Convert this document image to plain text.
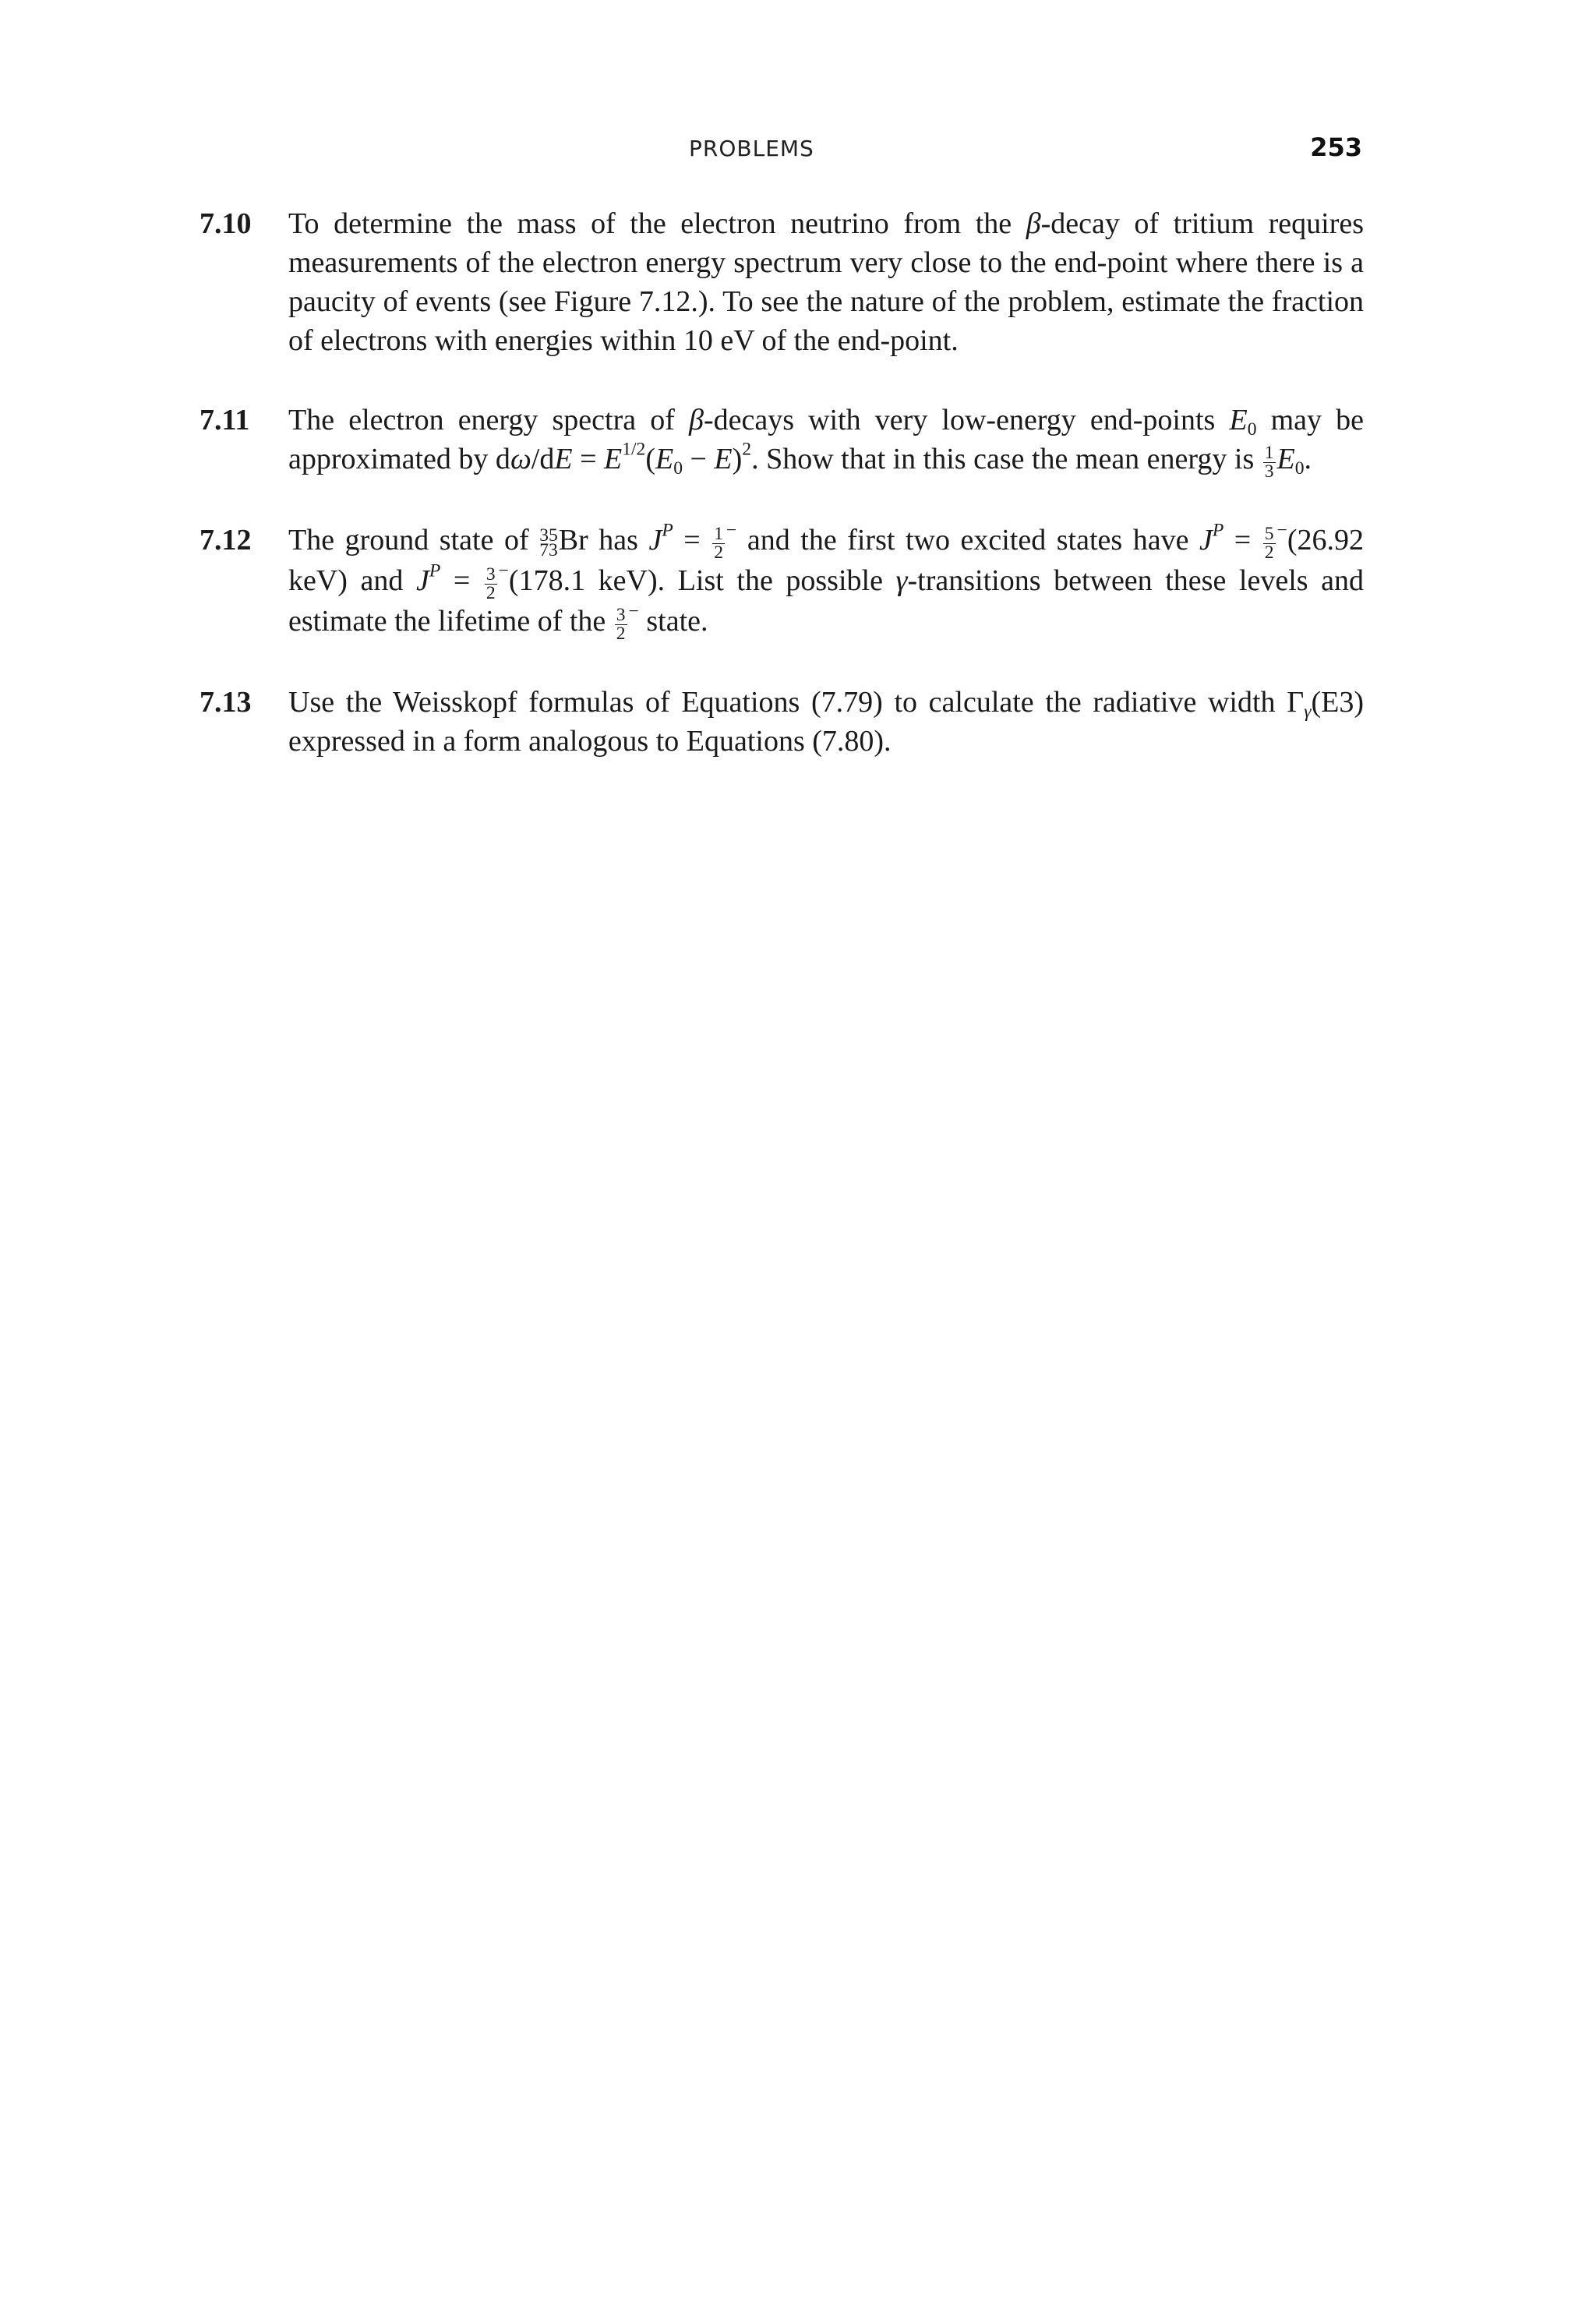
PROBLEMS	253
7.10 To determine the mass of the electron neutrino from the β-decay of tritium requires measurements of the electron energy spectrum very close to the end-point where there is a paucity of events (see Figure 7.12.). To see the nature of the problem, estimate the fraction of electrons with energies within 10 eV of the end-point.
7.11 The electron energy spectra of β-decays with very low-energy end-points $E_0$ may be approximated by $d\omega/dE = E^{1/2}(E_0 - E)^2$. Show that in this case the mean energy is $\frac{1}{3} E_0$.
7.12 The ground state of 35
73 Br has $J^P = \frac{1}{2} ^-$ and the first two excited states have $J^P = \frac{5}{2} ^-(26.92$ keV) and $J^P = \frac{3}{2} ^-(178.1$ keV). List the possible γ-transitions between these levels and estimate the lifetime of the $\frac{3}{2} ^-$ state.
7.13 Use the Weisskopf formulas of Equations (7.79) to calculate the radiative width $\Gamma_\gamma(E3)$ expressed in a form analogous to Equations (7.80).
